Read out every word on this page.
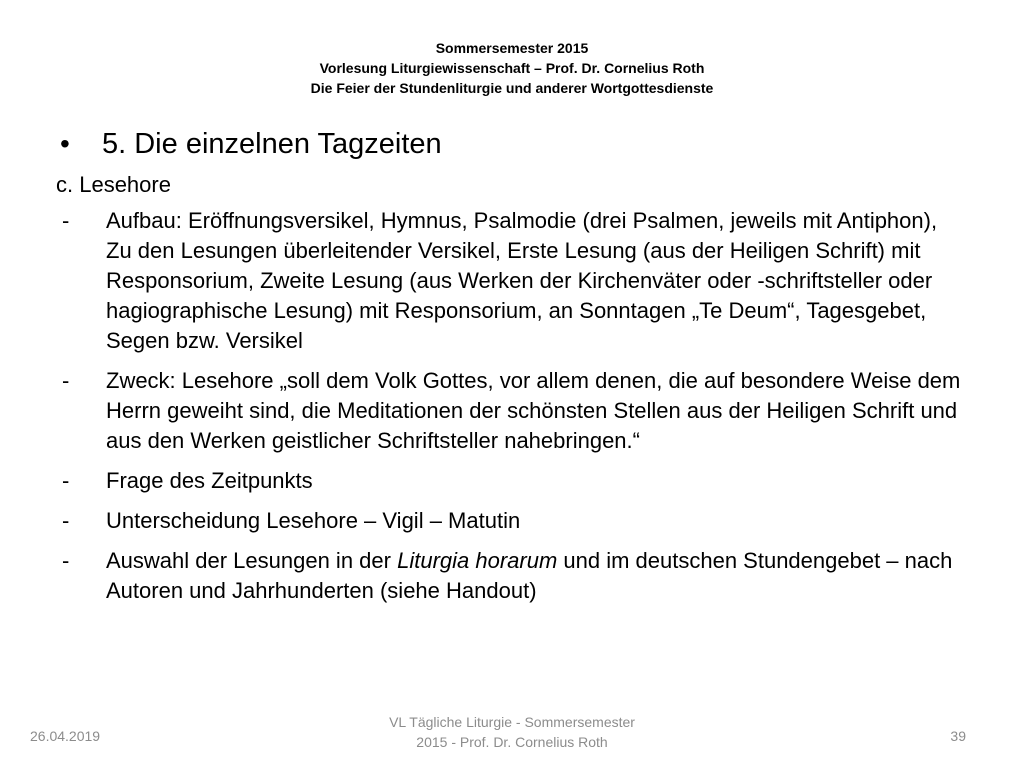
Sommersemester 2015
Vorlesung Liturgiewissenschaft – Prof. Dr. Cornelius Roth
Die Feier der Stundenliturgie und anderer Wortgottesdienste
•	5. Die einzelnen Tagzeiten
c. Lesehore
-	Aufbau: Eröffnungsversikel, Hymnus, Psalmodie (drei Psalmen, jeweils mit Antiphon), Zu den Lesungen überleitender Versikel, Erste Lesung (aus der Heiligen Schrift) mit Responsorium, Zweite Lesung (aus Werken der Kirchenväter oder -schriftsteller oder hagiographische Lesung) mit Responsorium, an Sonntagen „Te Deum“, Tagesgebet, Segen bzw. Versikel
-	Zweck: Lesehore „soll dem Volk Gottes, vor allem denen, die auf besondere Weise dem Herrn geweiht sind, die Meditationen der schönsten Stellen aus der Heiligen Schrift und aus den Werken geistlicher Schriftsteller nahebringen.“
-	Frage des Zeitpunkts
-	Unterscheidung Lesehore – Vigil – Matutin
-	Auswahl der Lesungen in der Liturgia horarum und im deutschen Stundengebet – nach Autoren und Jahrhunderten (siehe Handout)
26.04.2019
VL Tägliche Liturgie - Sommersemester
2015 - Prof. Dr. Cornelius Roth	39
